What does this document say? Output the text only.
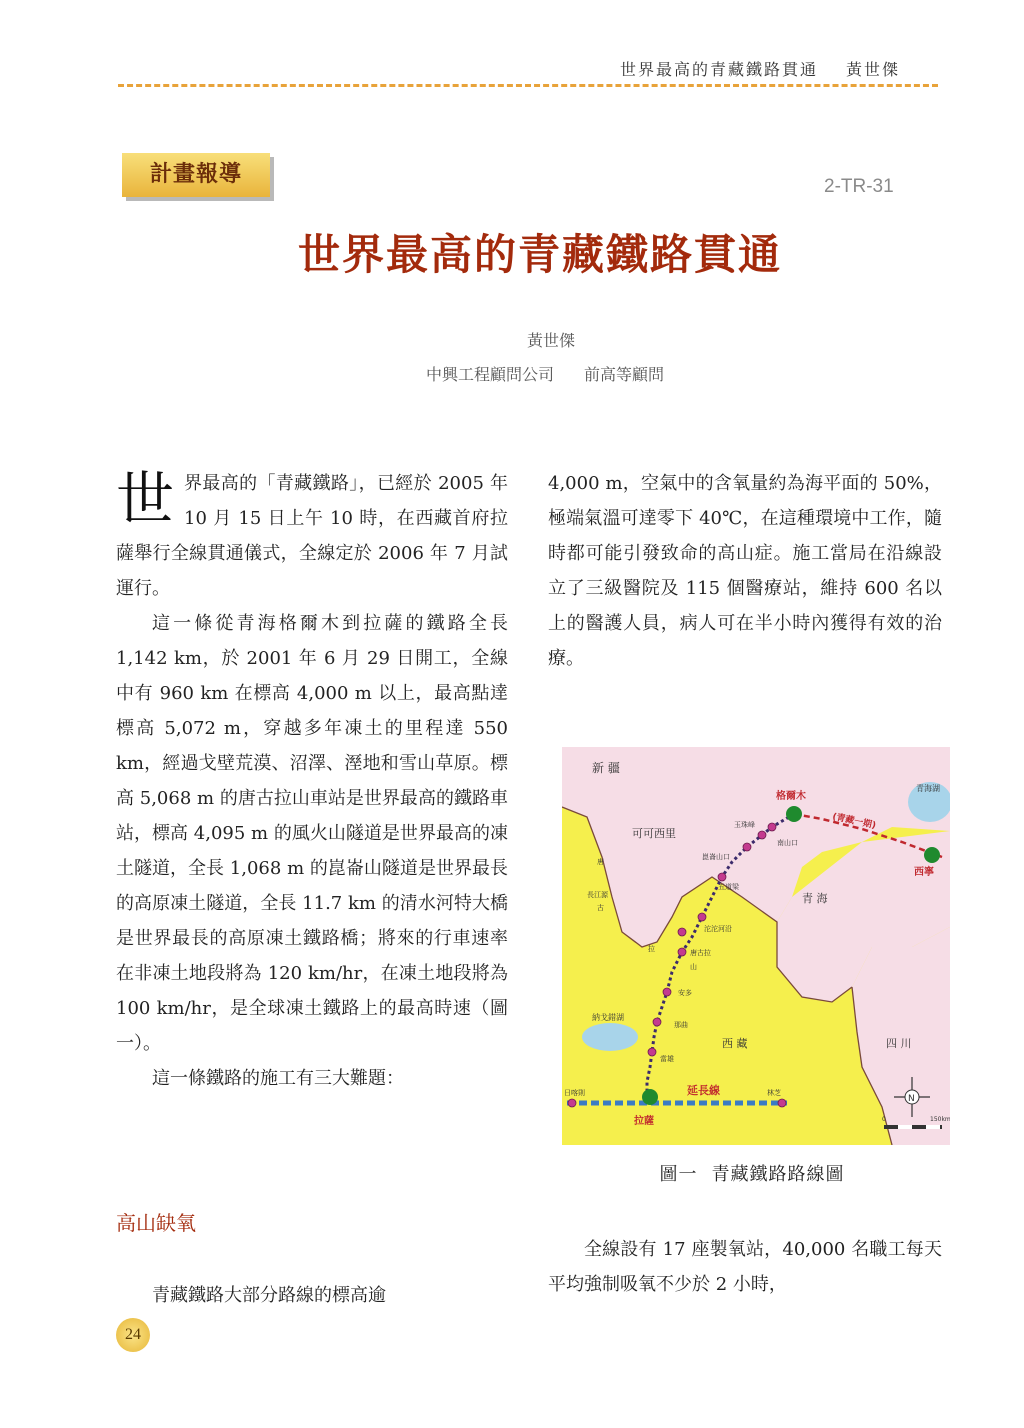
世界最高的青藏鐵路貫通 黃世傑
計畫報導	2-TR-31
世界最高的青藏鐵路貫通
黃世傑
中興工程顧問公司 前高等顧問

世界最高的「青藏鐵路」，已經於 2005 年 10 月 15 日上午 10 時，在西藏首府拉薩舉行全線貫通儀式，全線定於 2006 年 7 月試運行。

這一條從青海格爾木到拉薩的鐵路全長 1,142 km，於 2001 年 6 月 29 日開工，全線中有 960 km 在標高 4,000 m 以上，最高點達標高 5,072 m，穿越多年凍土的里程達 550 km，經過戈壁荒漠、沼澤、溼地和雪山草原。標高 5,068 m 的唐古拉山車站是世界最高的鐵路車站，標高 4,095 m 的風火山隧道是世界最高的凍土隧道，全長 1,068 m 的崑崙山隧道是世界最長的高原凍土隧道，全長 11.7 km 的清水河特大橋是世界最長的高原凍土鐵路橋；將來的行車速率在非凍土地段將為 120 km/hr，在凍土地段將為 100 km/hr，是全球凍土鐵路上的最高時速（圖一）。

這一條鐵路的施工有三大難題：

高山缺氧
青藏鐵路大部分路線的標高逾

4,000 m，空氣中的含氧量約為海平面的 50%，極端氣溫可達零下 40℃，在這種環境中工作，隨時都可能引發致命的高山症。施工當局在沿線設立了三級醫院及 115 個醫療站，維持 600 名以上的醫護人員，病人可在半小時內獲得有效的治療。

新 疆
青海湖
格爾木
(青藏一期)
西寧
可可西里
玉珠峰
南山口
崑崙山口
五道梁
青 海
唐
長江源
古
沱沱河沿
拉	唐古拉
山
安多
納戈錯湖
那曲
西 藏	四 川
當雄
日喀則	延長線	林芝
拉薩
N
0	150km
圖一 青藏鐵路路線圖

全線設有 17 座製氧站，40,000 名職工每天平均強制吸氧不少於 2 小時，

24
